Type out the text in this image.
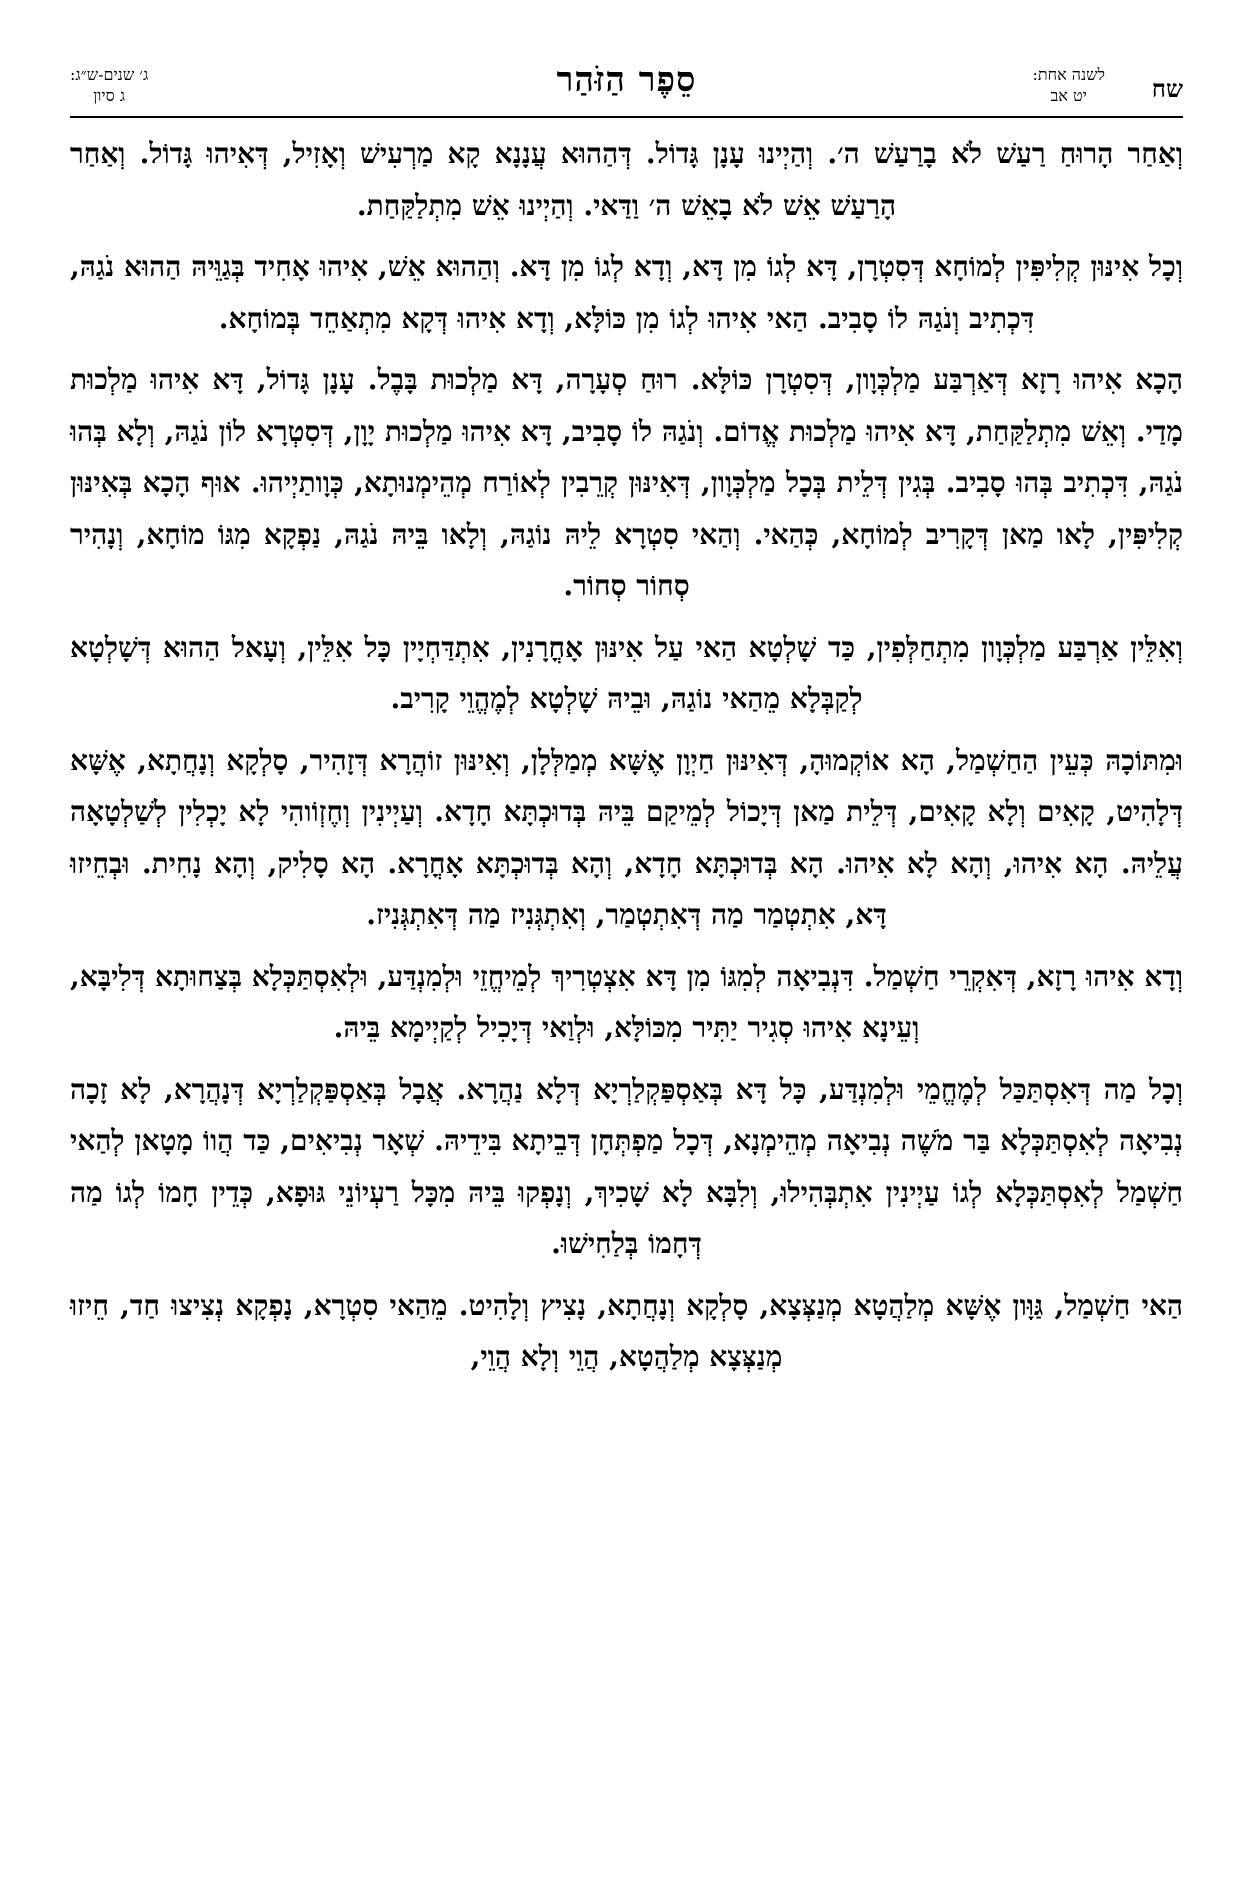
שח
לשנה אחת:
יט אב
סֵפֶר הַזֹּהַר
ג׳ שנים-ש״ג:
ג סיון

וְאַחַר הָרוּחַ רַעַשׁ לֹא בָרַעַשׁ ה׳. וְהַיְינוּ עָנָן גָּדוֹל. דְּהַהוּא עֲנָנָא קָא מַרְעִישׁ וְאָזִיל, דְּאִיהוּ גָּדוֹל. וְאַחַר הָרַעַשׁ אֵשׁ לֹא בָאֵשׁ ה׳ וַדַּאי. וְהַיְינוּ אֵשׁ מִתְלַקַּחַת.

וְכָל אִינּוּן קְלִיפִּין לְמוֹחָא דְּסִטְרָן, דָּא לְגוֹ מִן דָּא, וְדָא לְגוֹ מִן דָּא. וְהַהוּא אֵשׁ, אִיהוּ אָחִיד בְּגַוֵּיהּ הַהוּא נֹגַהּ, דִּכְתִיב וְנֹגַהּ לוֹ סָבִיב. הַאי אִיהוּ לְגוֹ מִן כּוֹלָּא, וְדָא אִיהוּ דְּקָא מִתְאַחֵד בְּמוֹחָא.

הָכָא אִיהוּ רָזָא דְּאַרְבַּע מַלְכְּוָון, דְּסִטְרָן כּוֹלָּא. רוּחַ סְעָרָה, דָּא מַלְכוּת בָּבֶל. עָנָן גָּדוֹל, דָּא אִיהוּ מַלְכוּת מָדַי. וְאֵשׁ מִתְלַקַּחַת, דָּא אִיהוּ מַלְכוּת אֱדוֹם. וְנֹגַהּ לוֹ סָבִיב, דָּא אִיהוּ מַלְכוּת יָוָן, דְּסִטְרָא לוֹן נֹגַהּ, וְלָא בְּהוּ נֹגַהּ, דִּכְתִיב בְּהוּ סָבִיב. בְּגִין דְּלֵית בְּכָל מַלְכְּוָון, דְּאִינּוּן קְרֵבִין לְאוֹרַח מְהֵימְנוּתָא, כְּוָותַיְיהוּ. אוּף הָכָא בְּאִינּוּן קְלִיפִּין, לָאו מַאן דְּקָרִיב לְמוֹחָא, כְּהַאי. וְהַאי סִטְרָא לֵיהּ נוֹגַהּ, וְלָאו בֵּיהּ נֹגַהּ, נַפְקָא מִגּוֹ מוֹחָא, וְנָהִיר סְחוֹר סְחוֹר.

וְאִלֵּין אַרְבַּע מַלְכְּוָון מִתְחַלְּפִין, כַּד שָׁלְטָא הַאי עַל אִינּוּן אָחֳרָנִין, אִתְדַּחְיָין כָּל אִלֵּין, וְעָאל הַהוּא דְּשָׁלְטָא לְקַבְּלָא מֵהַאי נוֹגַהּ, וּבֵיהּ שָׁלְטָא לְמֶהֱוֵי קָרִיב.

וּמִתּוֹכָהּ כְּעֵין הַחַשְׁמַל, הָא אוֹקְמוּהָ, דְּאִינּוּן חַיְוָן אֶשָּׁא מְמַלְּלָן, וְאִינּוּן זוֹהֲרָא דְּזָהִיר, סָלְקָא וְנָחֲתָא, אֶשָּׁא דְּלָהִיט, קָאִים וְלָא קָאִים, דְּלֵית מַאן דְּיָכוֹל לְמֵיקַם בֵּיהּ בְּדוּכְתָּא חָדָא. וְעַיְינִין וְחֶזְוֹוהִי לָא יָכְלִין לְשַׁלְטָאָה עֲלֵיהּ. הָא אִיהוּ, וְהָא לָא אִיהוּ. הָא בְּדוּכְתָּא חָדָא, וְהָא בְּדוּכְתָּא אָחֳרָא. הָא סָלִיק, וְהָא נָחִית. וּבְחֵיזוּ דָּא, אִתְטְמַר מַה דְּאִתְטְמַר, וְאִתְגְּנִיז מַה דְּאִתְגְּנִיז.

וְדָא אִיהוּ רָזָא, דְּאִקְרֵי חַשְׁמַל. דִּנְבִיאָה לְמִגּוֹ מִן דָּא אִצְטְרִיךְ לְמֵיחֱזֵי וּלְמִנְדַּע, וּלְאִסְתַּכְּלָא בְּצַחוּתָא דְּלִיבָּא, וְעֵינָא אִיהוּ סְגִיר יַתִּיר מִכּוֹלָּא, וּלְוַאי דְּיָכִיל לְקַיְימָא בֵּיהּ.

וְכָל מַה דְּאִסְתַּכַּל לְמֶחֱמֵי וּלְמִנְדַּע, כָּל דָּא בְּאַסְפַּקְלַרְיָא דְּלָא נַהֲרָא. אֲבָל בְּאַסְפַּקְלַרְיָא דְּנָהֲרָא, לָא זָכָה נְבִיאָה לְאִסְתַּכְּלָא בַּר מֹשֶׁה נְבִיאָה מְהֵימְנָא, דְּכָל מַפְתְּחָן דְּבֵיתָא בִּידֵיהּ. שְׁאָר נְבִיאִים, כַּד הֲווֹ מָטָאן לְהַאי חַשְׁמַל לְאִסְתַּכְּלָא לְגוֹ עַיְינִין אִתְבְּהִילוּ, וְלִבָּא לָא שָׁכִיךְ, וְנָפְקוּ בֵּיהּ מִכָּל רַעְיוֹנֵי גּוּפָא, כְּדֵין חָמוֹ לְגוֹ מַה דְּחָמוֹ בְּלַחִישׁוּ.

הַאי חַשְׁמַל, גַּוָּון אֶשָּׁא מְלַהֲטָא מְנַצְּצָא, סָלְקָא וְנָחֲתָא, נָצִיץ וְלָהִיט. מֵהַאי סִטְרָא, נָפְקָא נְצִיצוּ חַד, חֵיזוּ מְנַצְּצָא מְלַהֲטָא, הֲוֵי וְלָא הֲוֵי,
